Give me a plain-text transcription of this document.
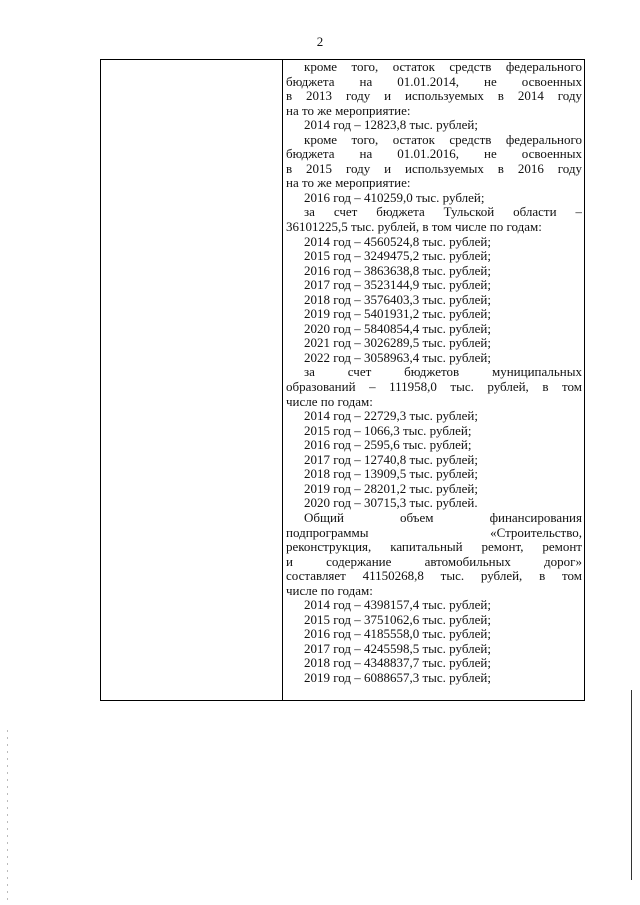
2
кроме того, остаток средств федерального
бюджета на 01.01.2014, не освоенных
в 2013 году и используемых в 2014 году
на то же мероприятие:
2014 год – 12823,8 тыс. рублей;
кроме того, остаток средств федерального
бюджета на 01.01.2016, не освоенных
в 2015 году и используемых в 2016 году
на то же мероприятие:
2016 год – 410259,0 тыс. рублей;
за счет бюджета Тульской области –
36101225,5 тыс. рублей, в том числе по годам:
2014 год – 4560524,8 тыс. рублей;
2015 год – 3249475,2 тыс. рублей;
2016 год – 3863638,8 тыс. рублей;
2017 год – 3523144,9 тыс. рублей;
2018 год – 3576403,3 тыс. рублей;
2019 год – 5401931,2 тыс. рублей;
2020 год – 5840854,4 тыс. рублей;
2021 год – 3026289,5 тыс. рублей;
2022 год – 3058963,4 тыс. рублей;
за счет бюджетов муниципальных
образований – 111958,0 тыс. рублей, в том
числе по годам:
2014 год – 22729,3 тыс. рублей;
2015 год – 1066,3 тыс. рублей;
2016 год – 2595,6 тыс. рублей;
2017 год – 12740,8 тыс. рублей;
2018 год – 13909,5 тыс. рублей;
2019 год – 28201,2 тыс. рублей;
2020 год – 30715,3 тыс. рублей.
Общий объем финансирования
подпрограммы «Строительство,
реконструкция, капитальный ремонт, ремонт
и содержание автомобильных дорог»
составляет 41150268,8 тыс. рублей, в том
числе по годам:
2014 год – 4398157,4 тыс. рублей;
2015 год – 3751062,6 тыс. рублей;
2016 год – 4185558,0 тыс. рублей;
2017 год – 4245598,5 тыс. рублей;
2018 год – 4348837,7 тыс. рублей;
2019 год – 6088657,3 тыс. рублей;
